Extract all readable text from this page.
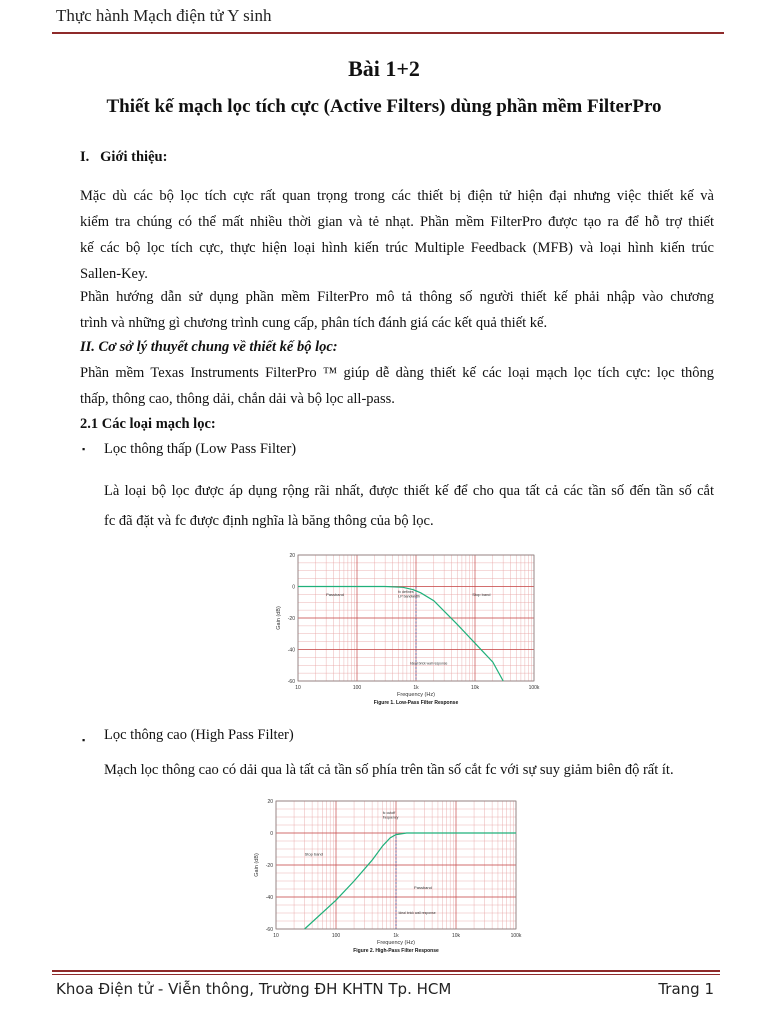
Thực hành Mạch điện tử Y sinh
Bài 1+2
Thiết kế mạch lọc tích cực (Active Filters) dùng phần mềm FilterPro
I. Giới thiệu:
Mặc dù các bộ lọc tích cực rất quan trọng trong các thiết bị điện tử hiện đại nhưng việc thiết kế và
kiểm tra chúng có thể mất nhiều thời gian và tẻ nhạt. Phần mềm FilterPro được tạo ra để hỗ trợ thiết
kế các bộ lọc tích cực, thực hiện loại hình kiến trúc Multiple Feedback (MFB) và loại hình kiến trúc
Sallen-Key.
Phần hướng dẫn sử dụng phần mềm FilterPro mô tả thông số người thiết kế phải nhập vào chương
trình và những gì chương trình cung cấp, phân tích đánh giá các kết quả thiết kế.
II. Cơ sở lý thuyết chung về thiết kế bộ lọc:
Phần mềm Texas Instruments FilterPro ™ giúp dễ dàng thiết kế các loại mạch lọc tích cực: lọc thông
thấp, thông cao, thông dải, chắn dải và bộ lọc all-pass.
2.1 Các loại mạch lọc:
▪ Lọc thông thấp (Low Pass Filter)
Là loại bộ lọc được áp dụng rộng rãi nhất, được thiết kế để cho qua tất cả các tần số đến tần số cắt
fc đã đặt và fc được định nghĩa là băng thông của bộ lọc.
20
0
-20
-40
-60
10	100	1k	10k	100k
Frequency (Hz)
Gain (dB)
Figure 1. Low-Pass Filter Response
Passband	Stop band
fc defines
LP bandwidth
Ideal brick wall response
▪ Lọc thông cao (High Pass Filter)
Mạch lọc thông cao có dải qua là tất cả tần số phía trên tần số cắt fc với sự suy giảm biên độ rất ít.
20
0
-20
-40
-60
10	100	1k	10k	100k
Frequency (Hz)
Gain (dB)
Figure 2. High-Pass Filter Response
fc cutoff
frequency
Stop band
Passband
Ideal brick wall response
Khoa Điện tử - Viễn thông, Trường ĐH KHTN Tp. HCM	Trang 1
